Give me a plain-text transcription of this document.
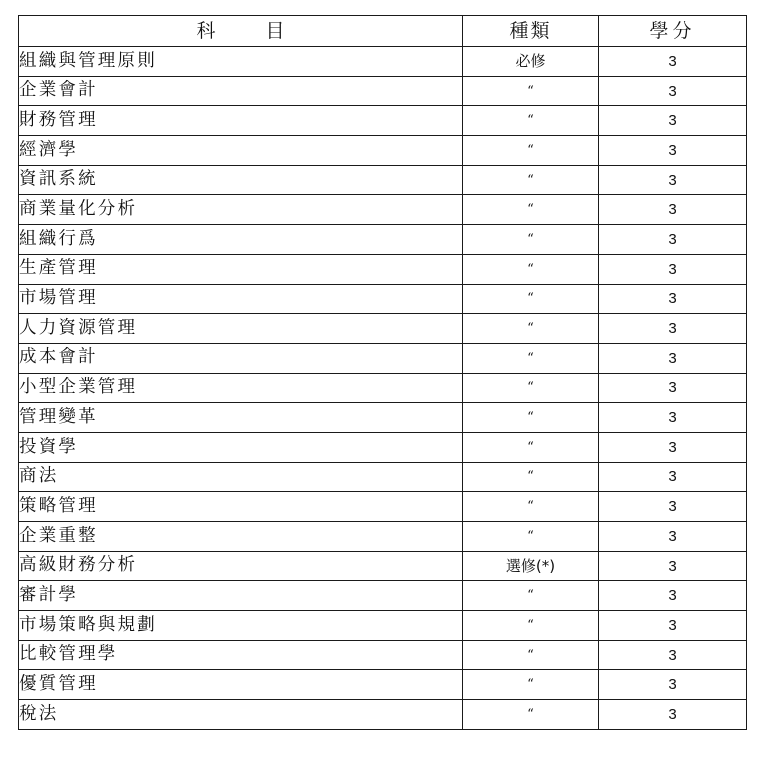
科 目	種類	學分
組織與管理原則	必修	3
企業會計	“	3
財務管理	“	3
經濟學	“	3
資訊系統	“	3
商業量化分析	“	3
組織行爲	“	3
生產管理	“	3
市場管理	“	3
人力資源管理	“	3
成本會計	“	3
小型企業管理	“	3
管理變革	“	3
投資學	“	3
商法	“	3
策略管理	“	3
企業重整	“	3
高級財務分析	選修(*)	3
審計學	“	3
市場策略與規劃	“	3
比較管理學	“	3
優質管理	“	3
稅法	“	3
